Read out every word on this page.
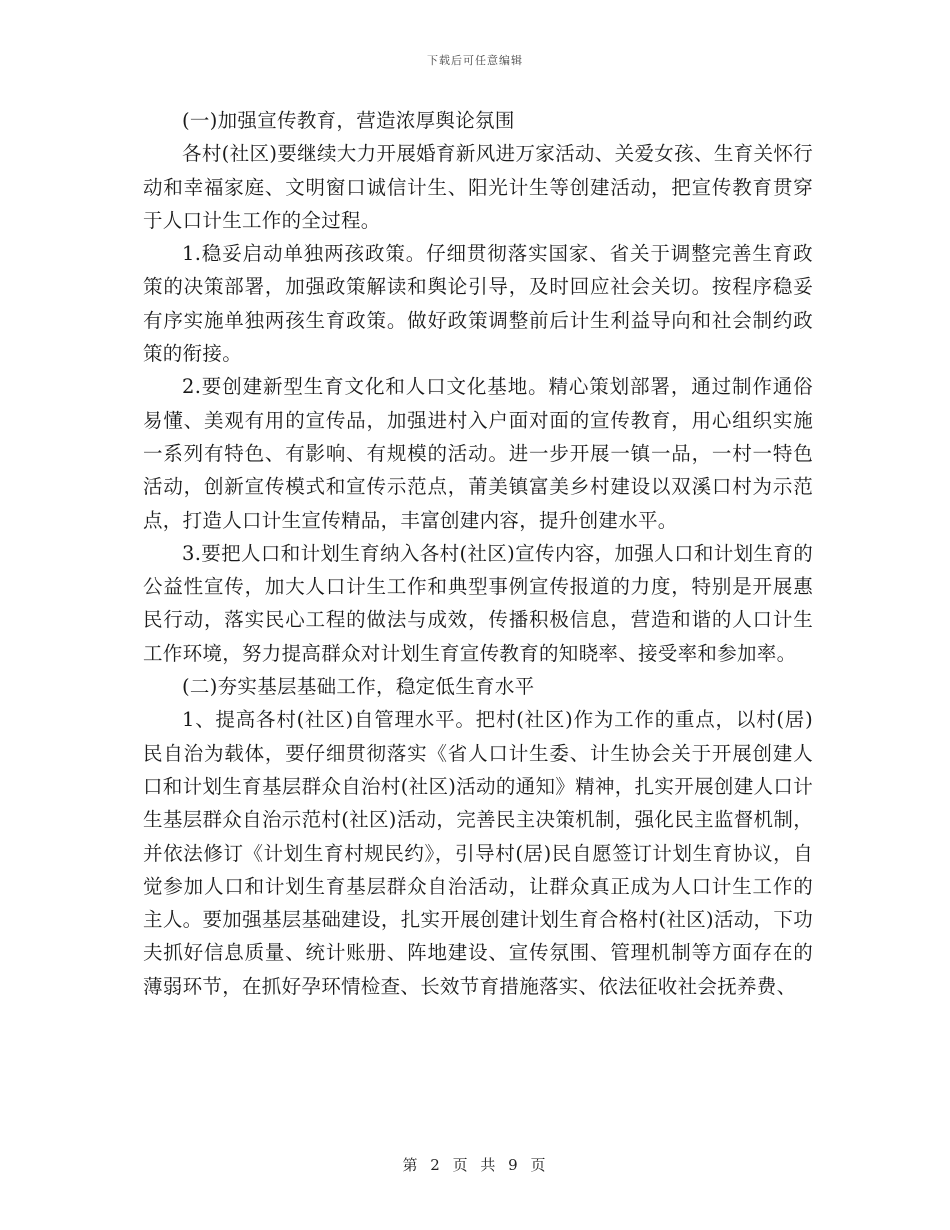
下载后可任意编辑

(一)加强宣传教育，营造浓厚舆论氛围

各村(社区)要继续大力开展婚育新风进万家活动、关爱女孩、生育关怀行动和幸福家庭、文明窗口诚信计生、阳光计生等创建活动，把宣传教育贯穿于人口计生工作的全过程。

1.稳妥启动单独两孩政策。仔细贯彻落实国家、省关于调整完善生育政策的决策部署，加强政策解读和舆论引导，及时回应社会关切。按程序稳妥有序实施单独两孩生育政策。做好政策调整前后计生利益导向和社会制约政策的衔接。

2.要创建新型生育文化和人口文化基地。精心策划部署，通过制作通俗易懂、美观有用的宣传品，加强进村入户面对面的宣传教育，用心组织实施一系列有特色、有影响、有规模的活动。进一步开展一镇一品，一村一特色活动，创新宣传模式和宣传示范点，莆美镇富美乡村建设以双溪口村为示范点，打造人口计生宣传精品，丰富创建内容，提升创建水平。

3.要把人口和计划生育纳入各村(社区)宣传内容，加强人口和计划生育的公益性宣传，加大人口计生工作和典型事例宣传报道的力度，特别是开展惠民行动，落实民心工程的做法与成效，传播积极信息，营造和谐的人口计生工作环境，努力提高群众对计划生育宣传教育的知晓率、接受率和参加率。

(二)夯实基层基础工作，稳定低生育水平

1、提高各村(社区)自管理水平。把村(社区)作为工作的重点，以村(居)民自治为载体，要仔细贯彻落实《省人口计生委、计生协会关于开展创建人口和计划生育基层群众自治村(社区)活动的通知》精神，扎实开展创建人口计生基层群众自治示范村(社区)活动，完善民主决策机制，强化民主监督机制，并依法修订《计划生育村规民约》，引导村(居)民自愿签订计划生育协议，自觉参加人口和计划生育基层群众自治活动，让群众真正成为人口计生工作的主人。要加强基层基础建设，扎实开展创建计划生育合格村(社区)活动，下功夫抓好信息质量、统计账册、阵地建设、宣传氛围、管理机制等方面存在的薄弱环节，在抓好孕环情检查、长效节育措施落实、依法征收社会抚养费、

第 2 页 共 9 页
